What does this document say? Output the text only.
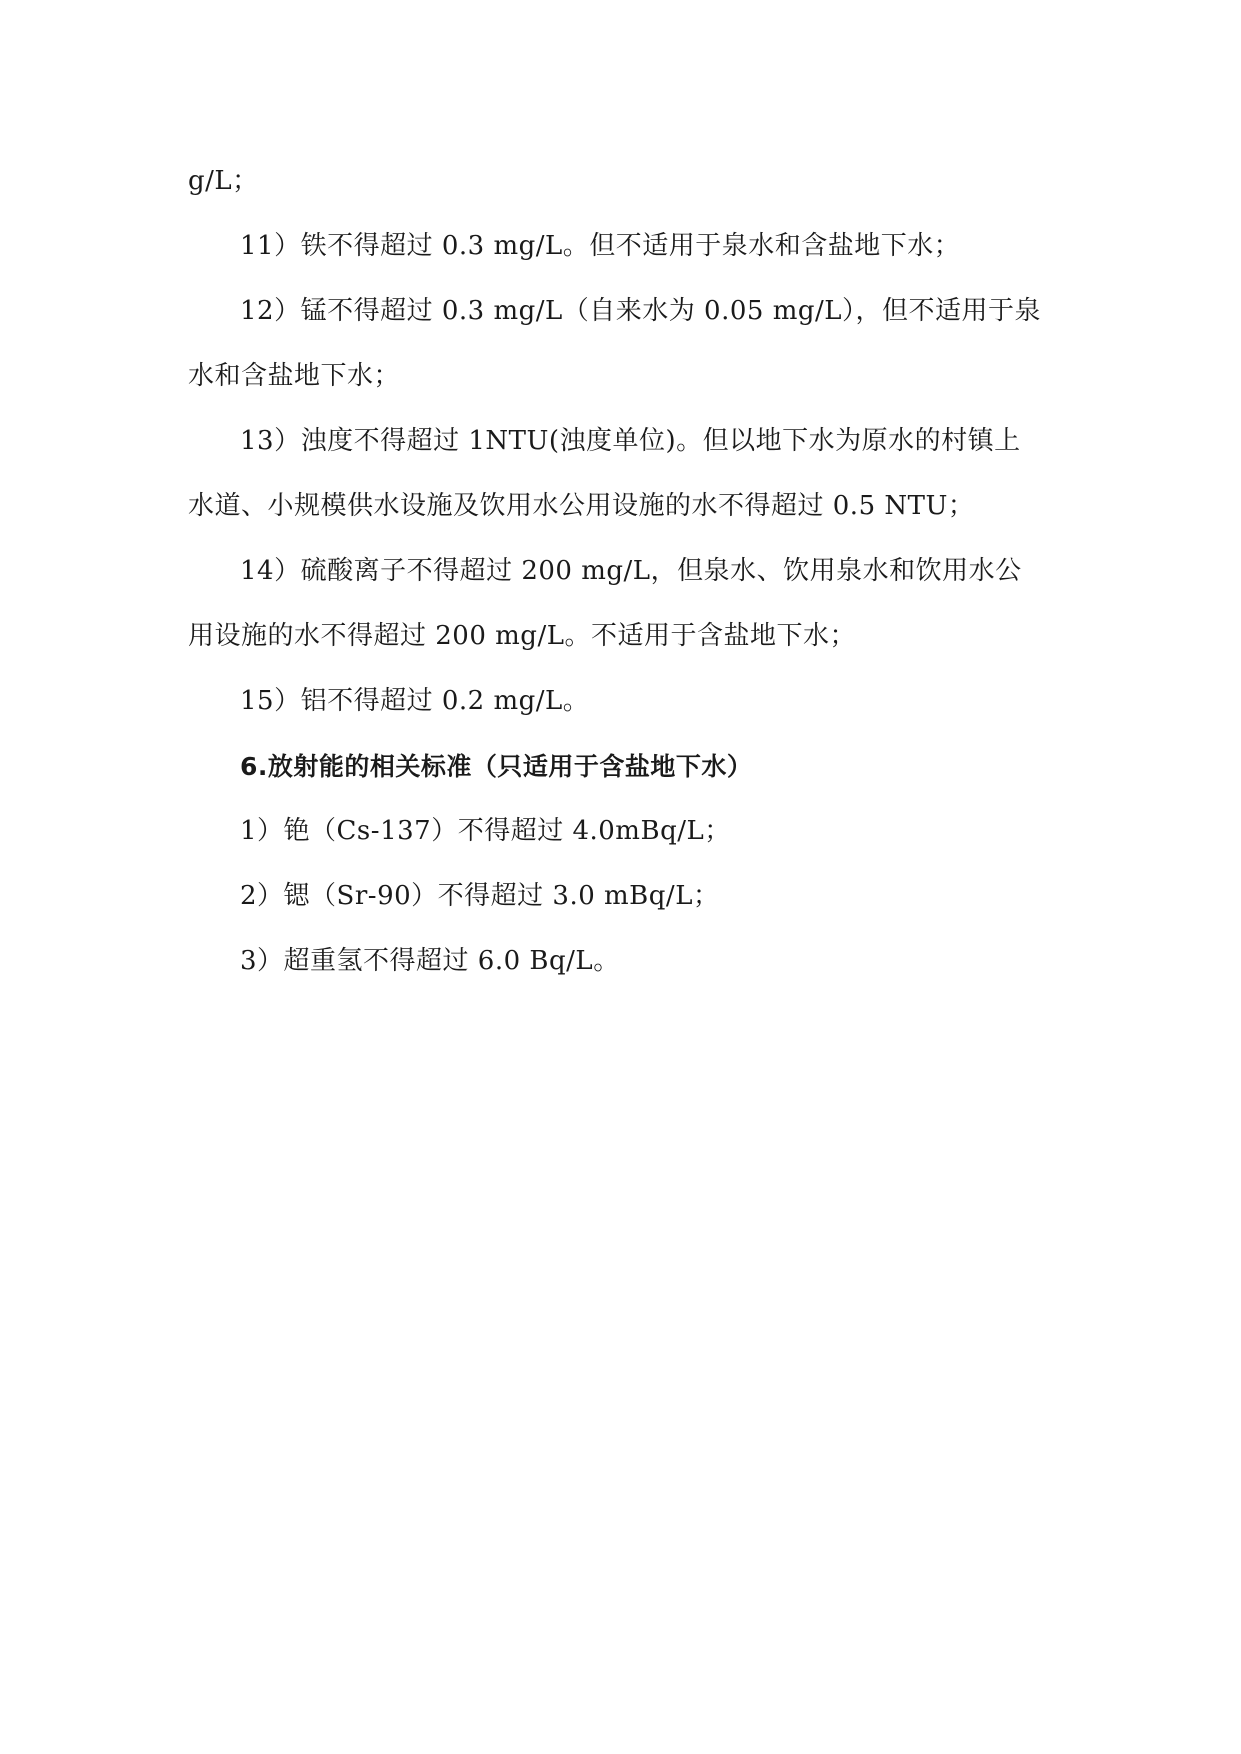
g/L；
11）铁不得超过 0.3 mg/L。但不适用于泉水和含盐地下水；
12）锰不得超过 0.3 mg/L（自来水为 0.05 mg/L），但不适用于泉
水和含盐地下水；
13）浊度不得超过 1NTU(浊度单位)。但以地下水为原水的村镇上
水道、小规模供水设施及饮用水公用设施的水不得超过 0.5 NTU；
14）硫酸离子不得超过 200 mg/L，但泉水、饮用泉水和饮用水公
用设施的水不得超过 200 mg/L。不适用于含盐地下水；
15）铝不得超过 0.2 mg/L。
6.放射能的相关标准（只适用于含盐地下水）
1）铯（Cs-137）不得超过 4.0mBq/L；
2）锶（Sr-90）不得超过 3.0 mBq/L；
3）超重氢不得超过 6.0 Bq/L。
